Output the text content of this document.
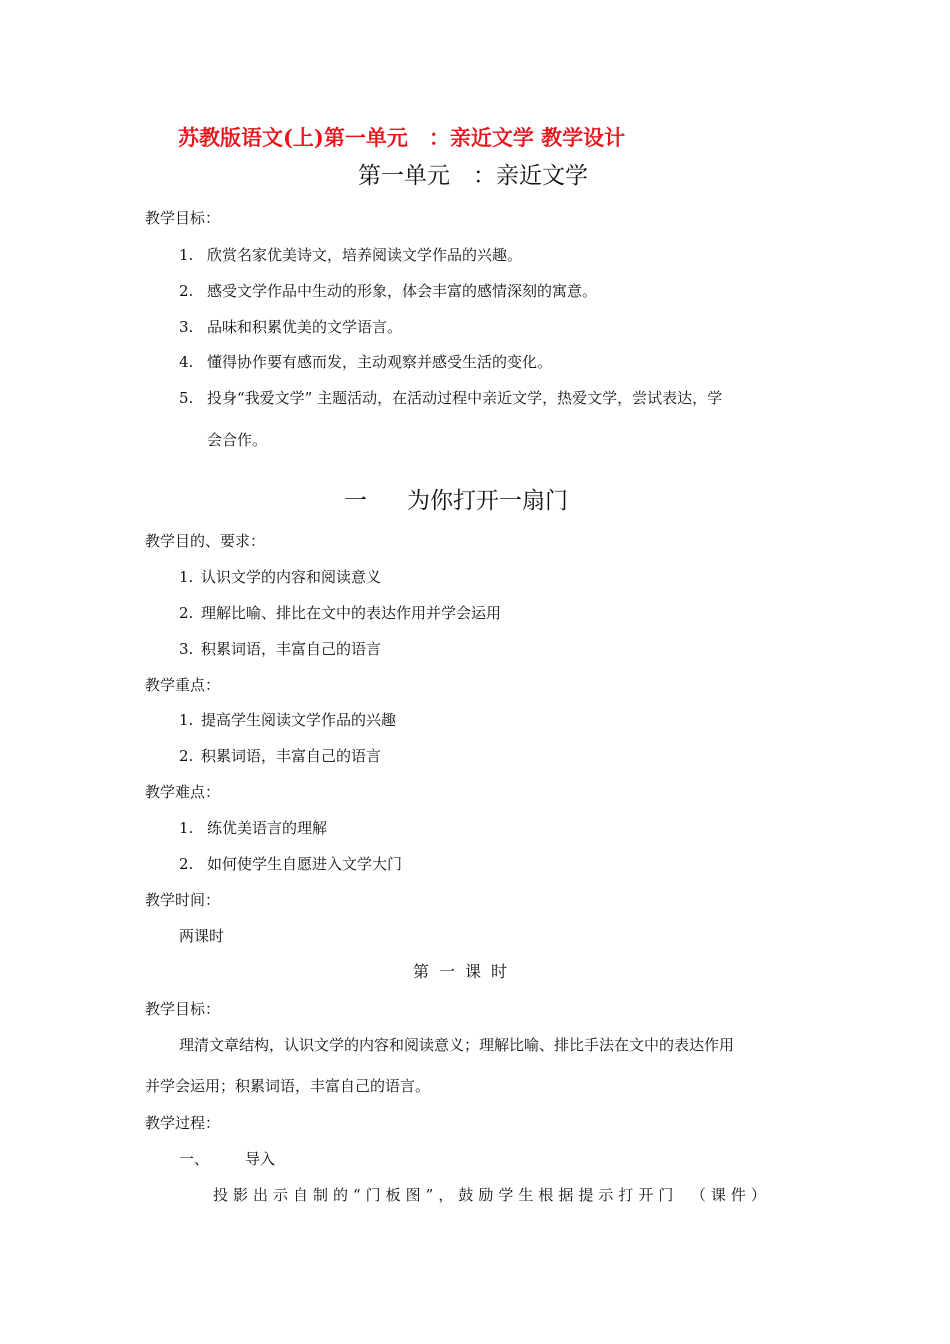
苏教版语文(上)第一单元　：亲近文学 教学设计
第一单元　：亲近文学
教学目标：
1. 欣赏名家优美诗文，培养阅读文学作品的兴趣。
2. 感受文学作品中生动的形象，体会丰富的感情深刻的寓意。
3. 品味和积累优美的文学语言。
4. 懂得协作要有感而发，主动观察并感受生活的变化。
5. 投身“我爱文学” 主题活动，在活动过程中亲近文学，热爱文学，尝试表达，学
会合作。
一 为你打开一扇门
教学目的、要求：
1. 认识文学的内容和阅读意义
2. 理解比喻、排比在文中的表达作用并学会运用
3. 积累词语，丰富自己的语言
教学重点：
1. 提高学生阅读文学作品的兴趣
2. 积累词语，丰富自己的语言
教学难点：
1. 练优美语言的理解
2. 如何使学生自愿进入文学大门
教学时间：
两课时
第一课时
教学目标：
理清文章结构，认识文学的内容和阅读意义；理解比喻、排比手法在文中的表达作用
并学会运用；积累词语，丰富自己的语言。
教学过程：
一、 导入
投影出示自制的“门板图”，鼓励学生根据提示打开门　（课件）
